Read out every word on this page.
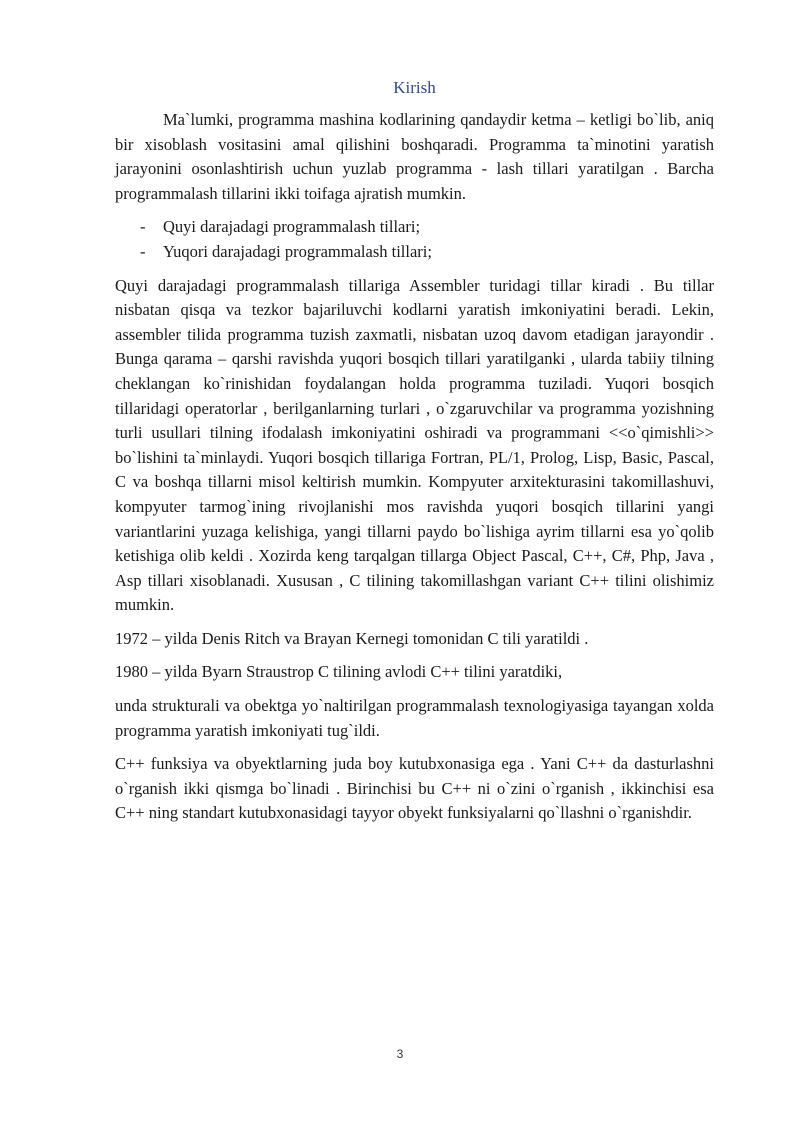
Kirish

Ma`lumki, programma mashina kodlarining qandaydir ketma – ketligi bo`lib, aniq bir xisoblash vositasini amal qilishini boshqaradi. Programma ta`minotini yaratish jarayonini osonlashtirish uchun yuzlab programma - lash tillari yaratilgan . Barcha programmalash tillarini ikki toifaga ajratish mumkin.

- Quyi darajadagi programmalash tillari;
- Yuqori darajadagi programmalash tillari;

Quyi darajadagi programmalash tillariga Assembler turidagi tillar kiradi . Bu tillar nisbatan qisqa va tezkor bajariluvchi kodlarni yaratish imkoniyatini beradi. Lekin, assembler tilida programma tuzish zaxmatli, nisbatan uzoq davom etadigan jarayondir . Bunga qarama – qarshi ravishda yuqori bosqich tillari yaratilganki , ularda tabiiy tilning cheklangan ko`rinishidan foydalangan holda programma tuziladi. Yuqori bosqich tillaridagi operatorlar , berilganlarning turlari , o`zgaruvchilar va programma yozishning turli usullari tilning ifodalash imkoniyatini oshiradi va programmani <<o`qimishli>> bo`lishini ta`minlaydi. Yuqori bosqich tillariga Fortran, PL/1, Prolog, Lisp, Basic, Pascal, C va boshqa tillarni misol keltirish mumkin. Kompyuter arxitekturasini takomillashuvi, kompyuter tarmog`ining rivojlanishi mos ravishda yuqori bosqich tillarini yangi variantlarini yuzaga kelishiga, yangi tillarni paydo bo`lishiga ayrim tillarni esa yo`qolib ketishiga olib keldi . Xozirda keng tarqalgan tillarga Object Pascal, C++, C#, Php, Java , Asp tillari xisoblanadi. Xususan , C tilining takomillashgan variant C++ tilini olishimiz mumkin.

1972 – yilda Denis Ritch va Brayan Kernegi tomonidan C tili yaratildi .

1980 – yilda Byarn Straustrop C tilining avlodi C++ tilini yaratdiki,

unda strukturali va obektga yo`naltirilgan programmalash texnologiyasiga tayangan xolda programma yaratish imkoniyati tug`ildi.

C++ funksiya va obyektlarning juda boy kutubxonasiga ega . Yani C++ da dasturlashni o`rganish ikki qismga bo`linadi . Birinchisi bu C++ ni o`zini o`rganish , ikkinchisi esa C++ ning standart kutubxonasidagi tayyor obyekt funksiyalarni qo`llashni o`rganishdir.

3
